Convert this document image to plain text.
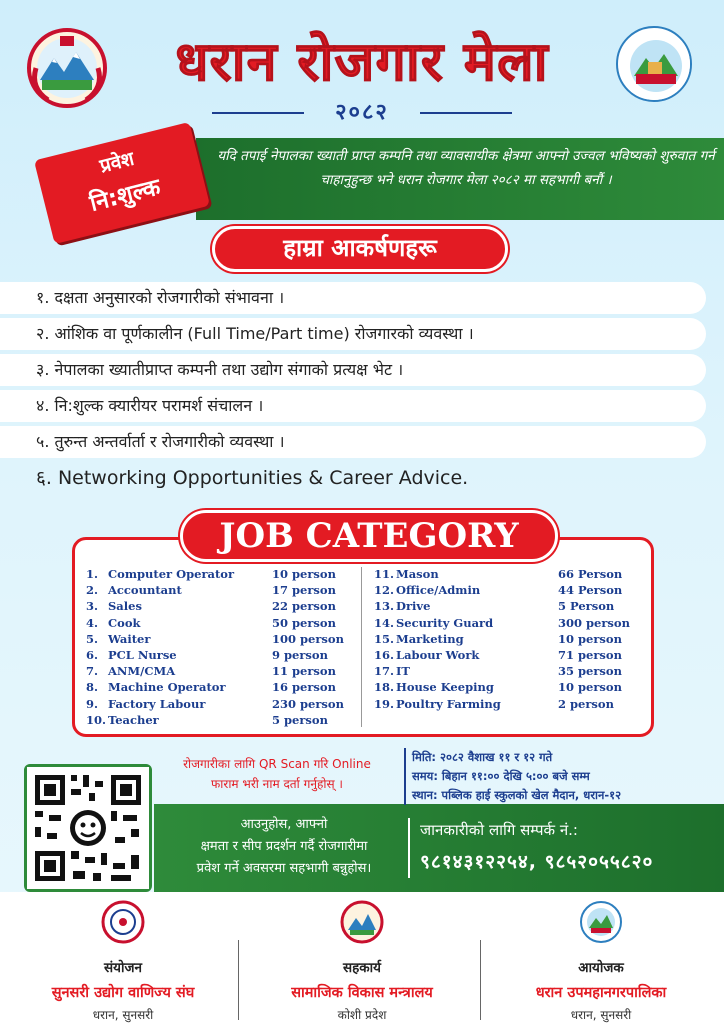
धरान रोजगार मेला
२०८२

यदि तपाई नेपालका ख्याती प्राप्त कम्पनि तथा व्यावसायीक क्षेत्रमा आफ्नो उज्वल भविष्यको शुरुवात गर्न चाहानुहुन्छ भने धरान रोजगार मेला २०८२ मा सहभागी बनौं ।

प्रवेश
नि:शुल्क
हाम्रा आकर्षणहरू
१. दक्षता अनुसारको रोजगारीको संभावना ।
२. आंशिक वा पूर्णकालीन (Full Time/Part time) रोजगारको व्यवस्था ।
३. नेपालका ख्यातीप्राप्त कम्पनी तथा उद्योग संगाको प्रत्यक्ष भेट ।
४. नि:शुल्क क्यारीयर परामर्श संचालन ।
५. तुरुन्त अन्तर्वार्ता र रोजगारीको व्यवस्था ।
६. Networking Opportunities & Career Advice.
JOB CATEGORY
1. Computer Operator	10 person
2. Accountant	17 person
3. Sales	22 person
4. Cook	50 person
5. Waiter	100 person
6. PCL Nurse	9 person
7. ANM/CMA	11 person
8. Machine Operator	16 person
9. Factory Labour	230 person
10. Teacher	5 person
11. Mason	66 Person
12. Office/Admin	44 Person
13. Drive	5 Person
14. Security Guard	300 person
15. Marketing	10 person
16. Labour Work	71 person
17. IT	35 person
18. House Keeping	10 person
19. Poultry Farming	2 person
रोजगारीका लागि QR Scan गरि Online
फाराम भरी नाम दर्ता गर्नुहोस् ।
मिति: २०८२ वैशाख ११ र १२ गते
समय: बिहान ११:०० देखि ५:०० बजे सम्म
स्थान: पब्लिक हाई स्कुलको खेल मैदान, धरान-१२
आउनुहोस, आफ्नो
क्षमता र सीप प्रदर्शन गर्दै रोजगारीमा
प्रवेश गर्ने अवसरमा सहभागी बन्नुहोस।
जानकारीको लागि सम्पर्क नं.:
९८१४३१२२५४, ९८५२०५५८२०
संयोजन
सुनसरी उद्योग वाणिज्य संघ
धरान, सुनसरी
सहकार्य
सामाजिक विकास मन्त्रालय
कोशी प्रदेश
आयोजक
धरान उपमहानगरपालिका
धरान, सुनसरी
